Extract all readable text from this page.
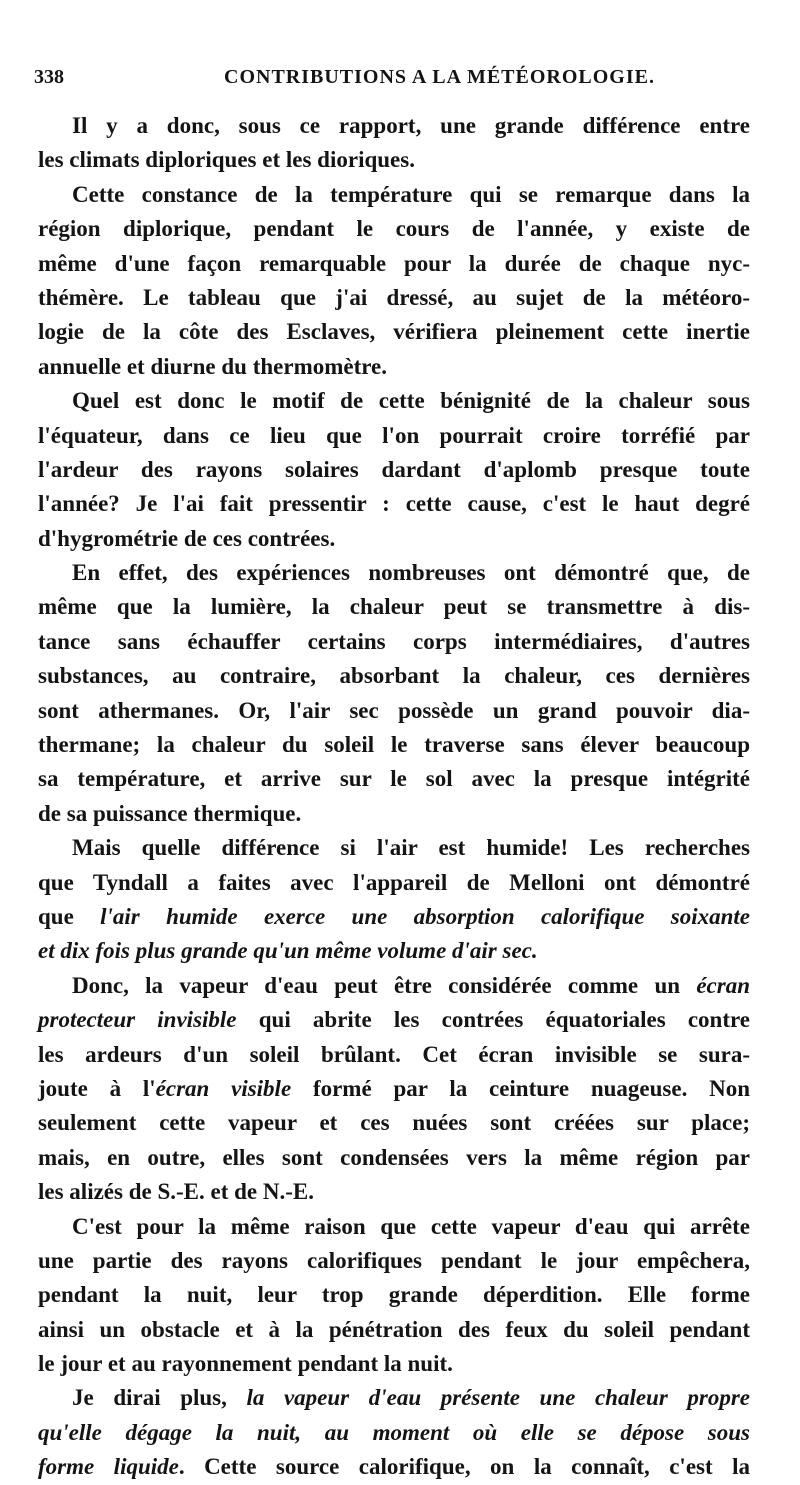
338	CONTRIBUTIONS A LA MÉTÉOROLOGIE.
Il y a donc, sous ce rapport, une grande différence entre
les climats diploriques et les dioriques.
Cette constance de la température qui se remarque dans la
région diplorique, pendant le cours de l'année, y existe de
même d'une façon remarquable pour la durée de chaque nyc-
thémère. Le tableau que j'ai dressé, au sujet de la météoro-
logie de la côte des Esclaves, vérifiera pleinement cette inertie
annuelle et diurne du thermomètre.
Quel est donc le motif de cette bénignité de la chaleur sous
l'équateur, dans ce lieu que l'on pourrait croire torréfié par
l'ardeur des rayons solaires dardant d'aplomb presque toute
l'année? Je l'ai fait pressentir : cette cause, c'est le haut degré
d'hygrométrie de ces contrées.
En effet, des expériences nombreuses ont démontré que, de
même que la lumière, la chaleur peut se transmettre à dis-
tance sans échauffer certains corps intermédiaires, d'autres
substances, au contraire, absorbant la chaleur, ces dernières
sont athermanes. Or, l'air sec possède un grand pouvoir dia-
thermane; la chaleur du soleil le traverse sans élever beaucoup
sa température, et arrive sur le sol avec la presque intégrité
de sa puissance thermique.
Mais quelle différence si l'air est humide! Les recherches
que Tyndall a faites avec l'appareil de Melloni ont démontré
que l'air humide exerce une absorption calorifique soixante
et dix fois plus grande qu'un même volume d'air sec.
Donc, la vapeur d'eau peut être considérée comme un écran
protecteur invisible qui abrite les contrées équatoriales contre
les ardeurs d'un soleil brûlant. Cet écran invisible se sura-
joute à l'écran visible formé par la ceinture nuageuse. Non
seulement cette vapeur et ces nuées sont créées sur place;
mais, en outre, elles sont condensées vers la même région par
les alizés de S.-E. et de N.-E.
C'est pour la même raison que cette vapeur d'eau qui arrête
une partie des rayons calorifiques pendant le jour empêchera,
pendant la nuit, leur trop grande déperdition. Elle forme
ainsi un obstacle et à la pénétration des feux du soleil pendant
le jour et au rayonnement pendant la nuit.
Je dirai plus, la vapeur d'eau présente une chaleur propre
qu'elle dégage la nuit, au moment où elle se dépose sous
forme liquide. Cette source calorifique, on la connaît, c'est la
